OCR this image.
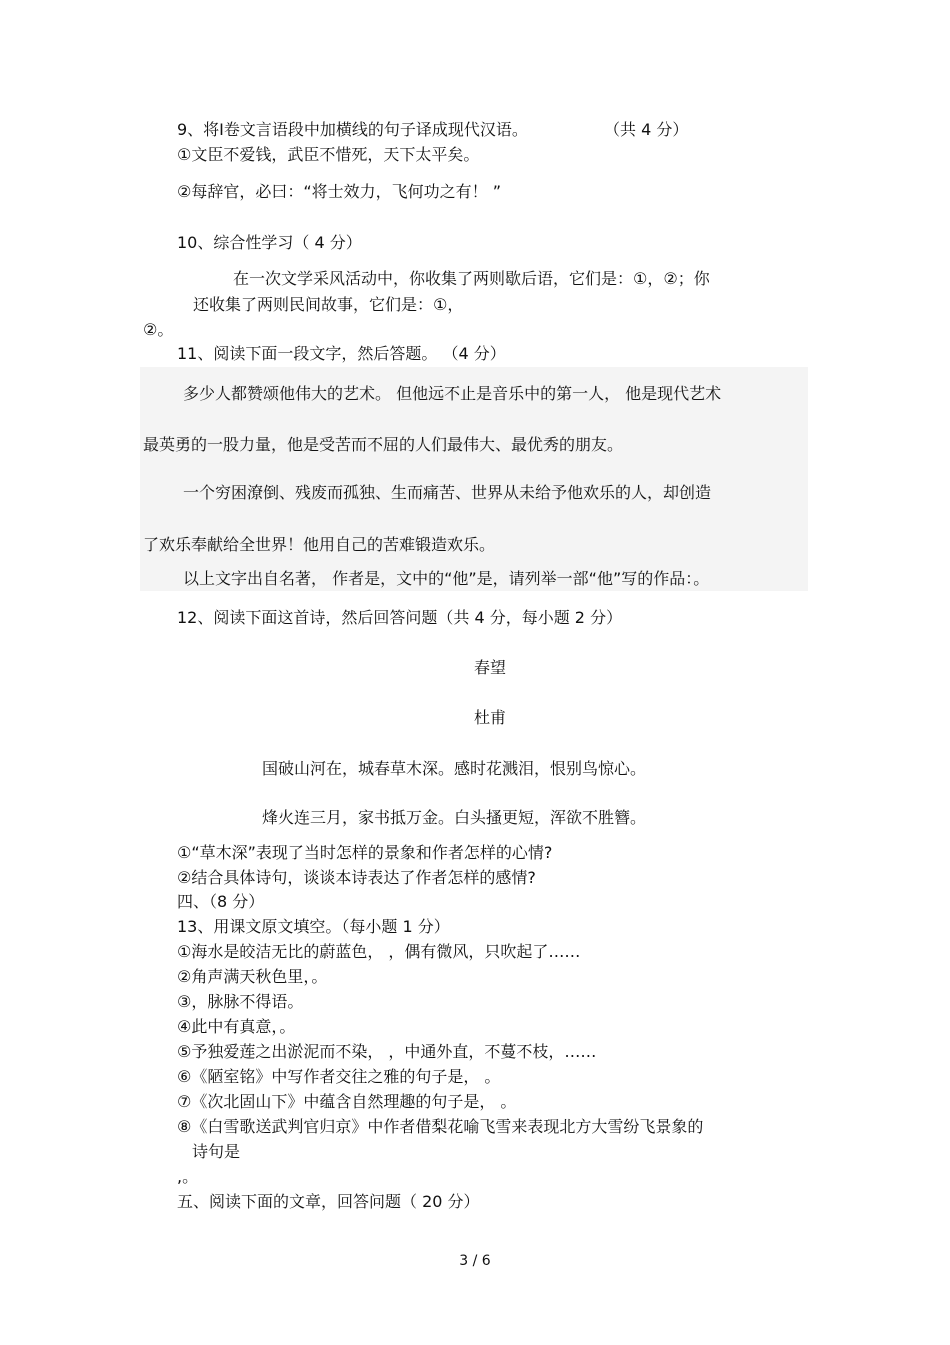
9、将Ⅰ卷文言语段中加横线的句子译成现代汉语。	（共 4 分）
①文臣不爱钱，武臣不惜死，天下太平矣。
②每辞官，必曰：“将士效力，飞何功之有！ ”
10、综合性学习（ 4 分）
在一次文学采风活动中，你收集了两则歇后语，它们是：①，②；你
还收集了两则民间故事，它们是：①，
②。
11、阅读下面一段文字，然后答题。 （4 分）
多少人都赞颂他伟大的艺术。 但他远不止是音乐中的第一人， 他是现代艺术
最英勇的一股力量，他是受苦而不屈的人们最伟大、最优秀的朋友。
一个穷困潦倒、残废而孤独、生而痛苦、世界从未给予他欢乐的人，却创造
了欢乐奉献给全世界！他用自己的苦难锻造欢乐。
以上文字出自名著， 作者是，文中的“他”是，请列举一部“他”写的作品：。
12、阅读下面这首诗，然后回答问题（共 4 分，每小题 2 分）
春望
杜甫
国破山河在，城春草木深。感时花溅泪，恨别鸟惊心。
烽火连三月，家书抵万金。白头搔更短，浑欲不胜簪。
①“草木深”表现了当时怎样的景象和作者怎样的心情?
②结合具体诗句，谈谈本诗表达了作者怎样的感情?
四、（8 分）
13、用课文原文填空。（每小题 1 分）
①海水是皎洁无比的蔚蓝色， ，偶有微风，只吹起了……
②角声满天秋色里，。
③，脉脉不得语。
④此中有真意，。
⑤予独爱莲之出淤泥而不染， ，中通外直，不蔓不枝，……
⑥《陋室铭》中写作者交往之雅的句子是， 。
⑦《次北固山下》中蕴含自然理趣的句子是， 。
⑧《白雪歌送武判官归京》中作者借梨花喻飞雪来表现北方大雪纷飞景象的
诗句是
,。
五、阅读下面的文章，回答问题（ 20 分）
3 / 6
